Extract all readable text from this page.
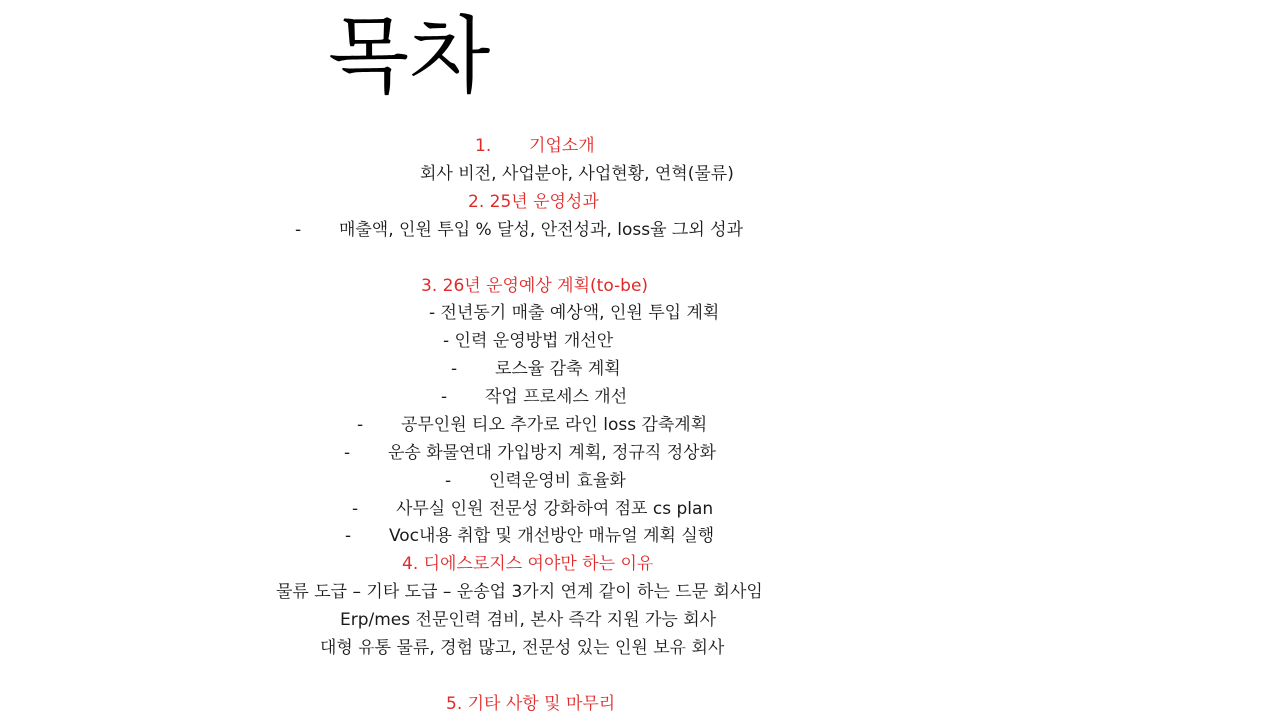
목차
1.       기업소개
회사 비전, 사업분야, 사업현황, 연혁(물류)
2. 25년 운영성과
-       매출액, 인원 투입 % 달성, 안전성과, loss율 그외 성과
3. 26년 운영예상 계획(to-be)
- 전년동기 매출 예상액, 인원 투입 계획
- 인력 운영방법 개선안
-       로스율 감축 계획
-       작업 프로세스 개선
-       공무인원 티오 추가로 라인 loss 감축계획
-       운송 화물연대 가입방지 계획, 정규직 정상화
-       인력운영비 효율화
-       사무실 인원 전문성 강화하여 점포 cs plan
-       Voc내용 취합 및 개선방안 매뉴얼 계획 실행
4. 디에스로지스 여야만 하는 이유
물류 도급 – 기타 도급 – 운송업 3가지 연계 같이 하는 드문 회사임
Erp/mes 전문인력 겸비, 본사 즉각 지원 가능 회사
대형 유통 물류, 경험 많고, 전문성 있는 인원 보유 회사
5. 기타 사항 및 마무리
